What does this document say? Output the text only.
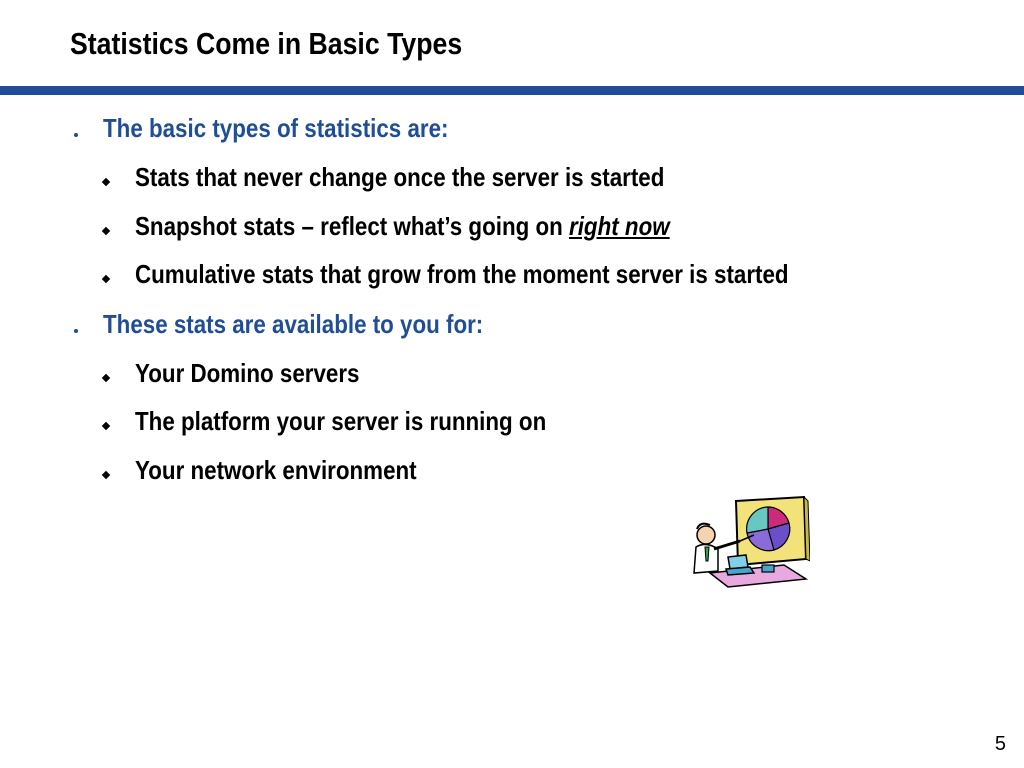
Statistics Come in Basic Types
The basic types of statistics are:
Stats that never change once the server is started
Snapshot stats – reflect what’s going on right now
Cumulative stats that grow from the moment server is started
These stats are available to you for:
Your Domino servers
The platform your server is running on
Your network environment
5
